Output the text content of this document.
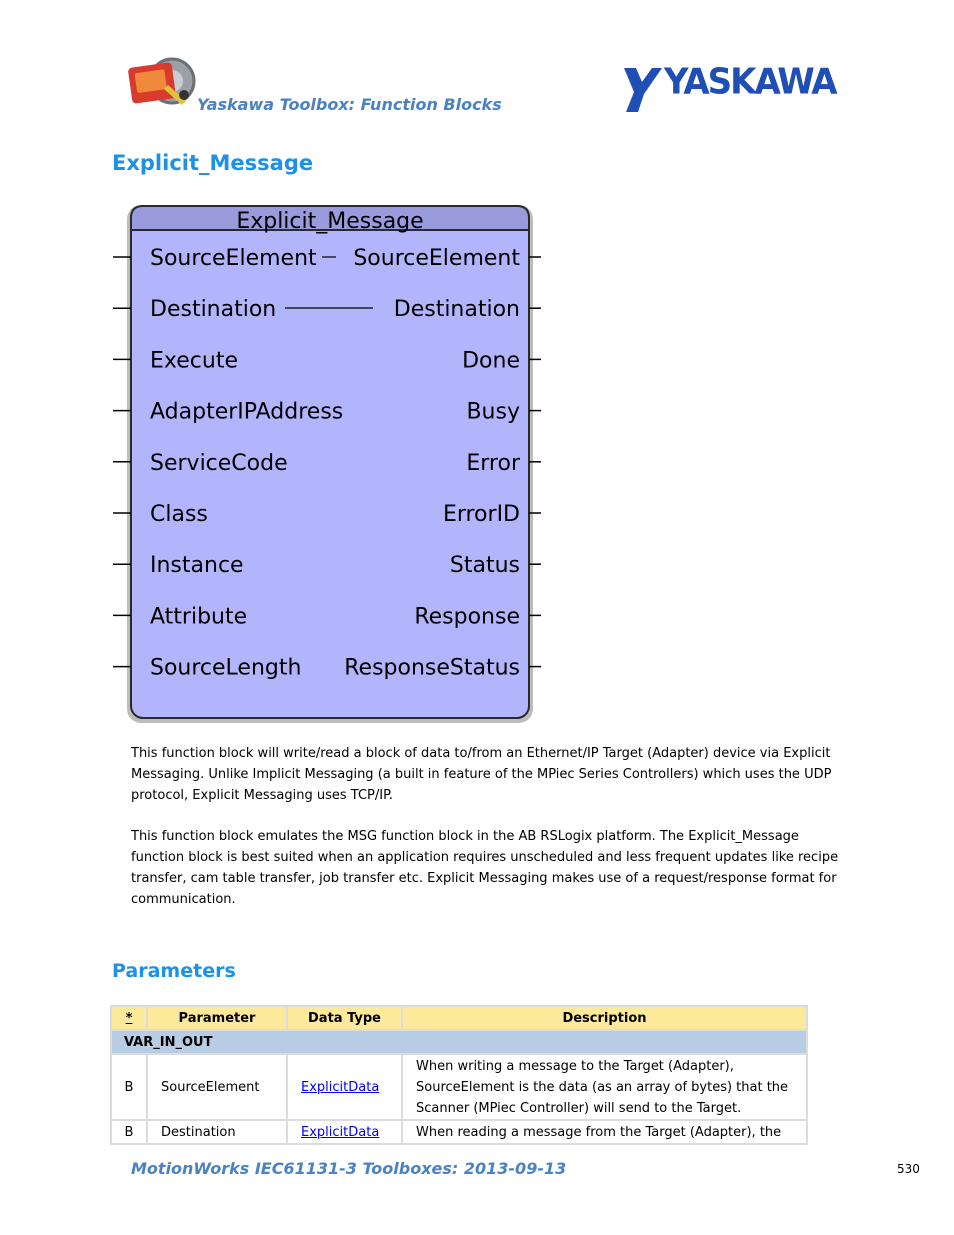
Yaskawa Toolbox: Function Blocks
YASKAWA
Explicit_Message
Explicit_Message
SourceElement SourceElement
Destination	Destination
Execute	Done
AdapterIPAddress	Busy
ServiceCode	Error
Class	ErrorID
Instance	Status
Attribute	Response
SourceLength ResponseStatus
This function block will write/read a block of data to/from an Ethernet/IP Target (Adapter) device via Explicit Messaging. Unlike Implicit Messaging (a built in feature of the MPiec Series Controllers) which uses the UDP protocol, Explicit Messaging uses TCP/IP.
This function block emulates the MSG function block in the AB RSLogix platform. The Explicit_Message function block is best suited when an application requires unscheduled and less frequent updates like recipe transfer, cam table transfer, job transfer etc. Explicit Messaging makes use of a request/response format for communication.
Parameters
*	Parameter	Data Type	Description
VAR_IN_OUT			
B	SourceElement	ExplicitData	When writing a message to the Target (Adapter), SourceElement is the data (as an array of bytes) that the Scanner (MPiec Controller) will send to the Target.
B	Destination	ExplicitData	When reading a message from the Target (Adapter), the
MotionWorks IEC61131-3 Toolboxes: 2013-09-13	530
